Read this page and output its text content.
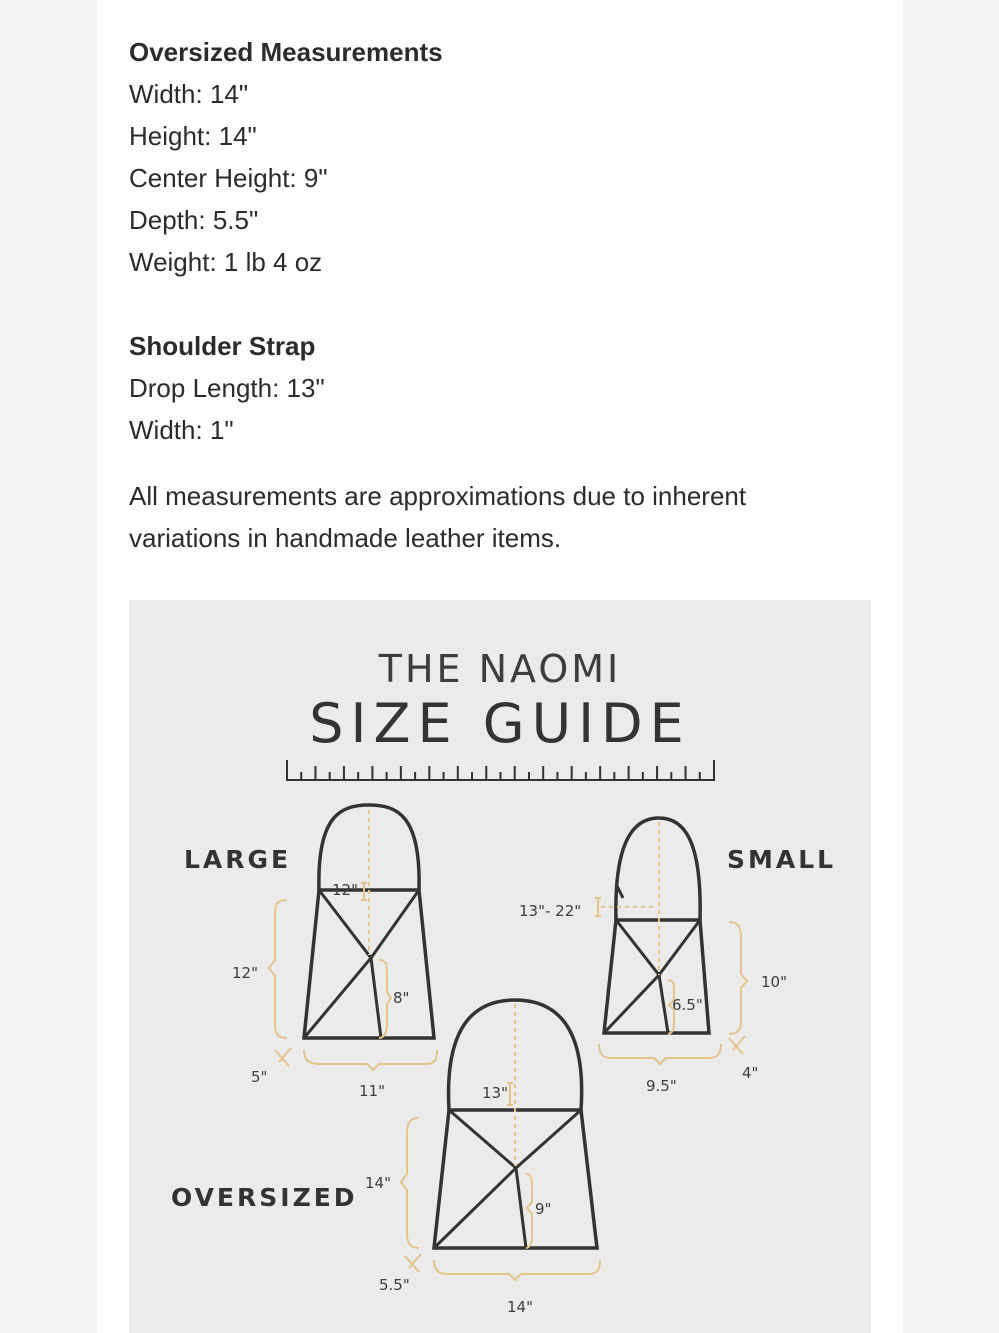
Oversized Measurements
Width: 14"
Height: 14"
Center Height: 9"
Depth: 5.5"
Weight: 1 lb 4 oz
Shoulder Strap
Drop Length: 13"
Width: 1"
All measurements are approximations due to inherent
variations in handmade leather items.
THE NAOMI
SIZE GUIDE
LARGE
12"
12"
8"
11"
5"
SMALL
13"- 22"
10"
6.5"
9.5"
4"
OVERSIZED
13"
14"
9"
14"
5.5"
